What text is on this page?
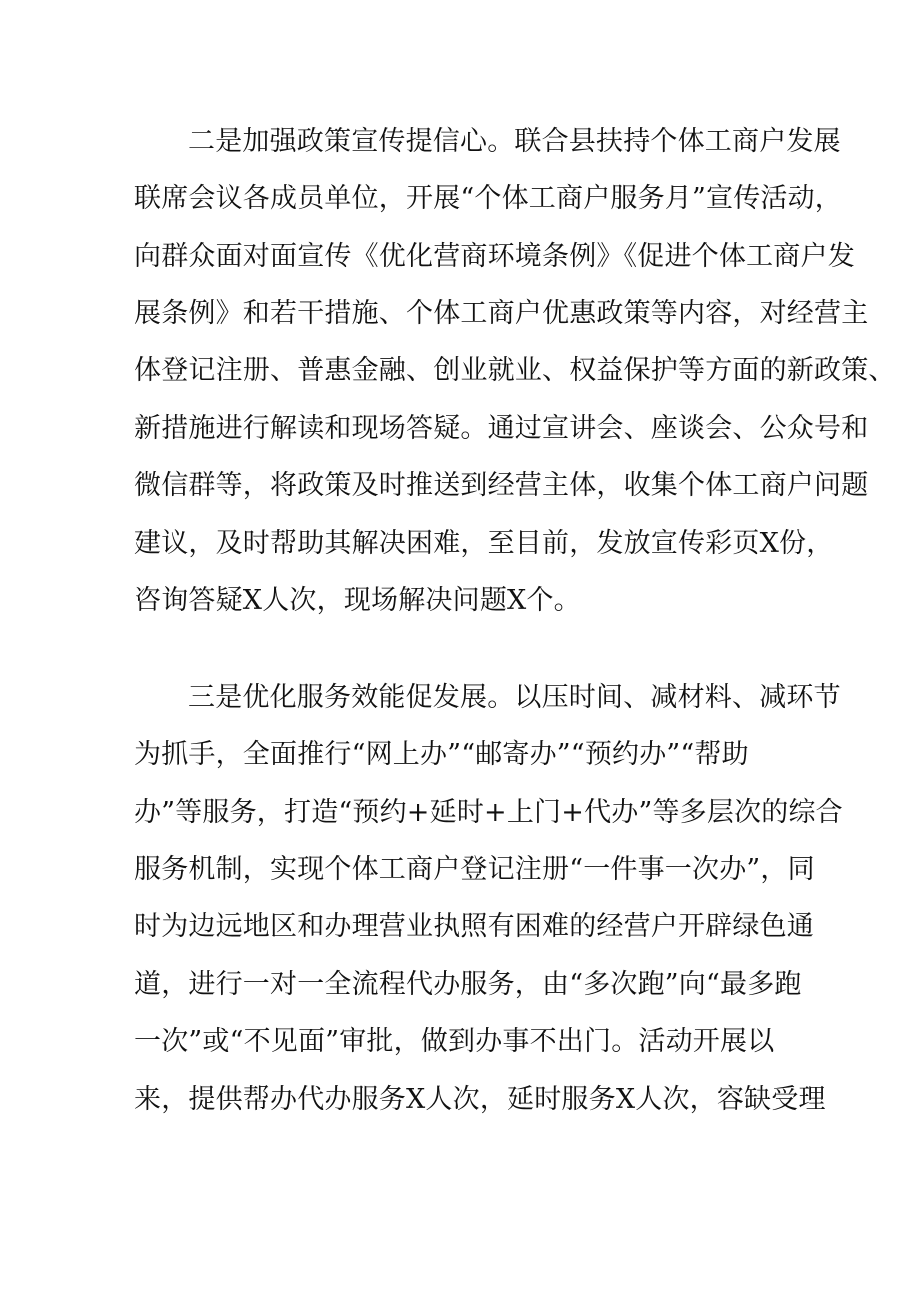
二是加强政策宣传提信心。联合县扶持个体工商户发展

联席会议各成员单位，开展“个体工商户服务月”宣传活动，

向群众面对面宣传《优化营商环境条例》《促进个体工商户发

展条例》和若干措施、个体工商户优惠政策等内容，对经营主

体登记注册、普惠金融、创业就业、权益保护等方面的新政策、

新措施进行解读和现场答疑。通过宣讲会、座谈会、公众号和

微信群等，将政策及时推送到经营主体，收集个体工商户问题

建议，及时帮助其解决困难，至目前，发放宣传彩页X份，

咨询答疑X人次，现场解决问题X个。

三是优化服务效能促发展。以压时间、减材料、减环节

为抓手，全面推行“网上办”“邮寄办”“预约办”“帮助

办”等服务，打造“预约+延时+上门+代办”等多层次的综合

服务机制，实现个体工商户登记注册“一件事一次办”，同

时为边远地区和办理营业执照有困难的经营户开辟绿色通

道，进行一对一全流程代办服务，由“多次跑”向“最多跑

一次”或“不见面”审批，做到办事不出门。活动开展以

来，提供帮办代办服务X人次，延时服务X人次，容缺受理
